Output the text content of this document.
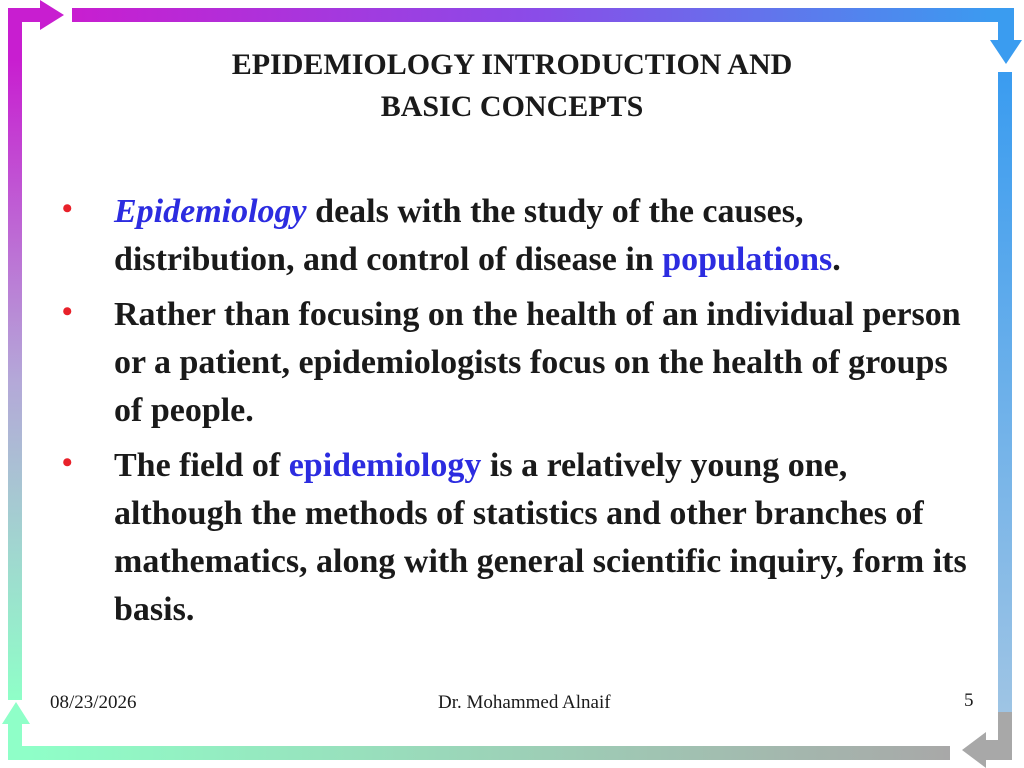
EPIDEMIOLOGY INTRODUCTION AND
BASIC CONCEPTS
• Epidemiology deals with the study of the causes, distribution, and control of disease in populations.
• Rather than focusing on the health of an individual person or a patient, epidemiologists focus on the health of groups of people.
• The field of epidemiology is a relatively young one, although the methods of statistics and other branches of mathematics, along with general scientific inquiry, form its basis.
08/23/2026	Dr. Mohammed Alnaif	5
